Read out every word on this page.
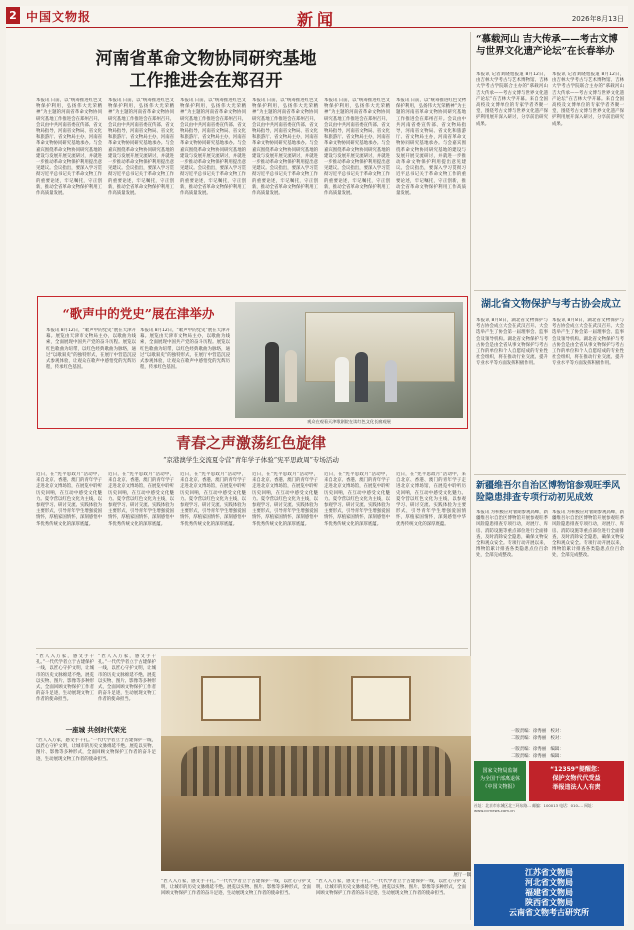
2 中国文物报	新闻	2026年8月13日
河南省革命文物协同研究基地
工作推进会在郑召开
本报讯 日前，以“统筹推进红色文物保护利用，弘扬伟大光荣精神”为主题的河南省革命文物协同研究基地工作推进会在郑州召开。会议由中共河南省委宣传部、省文物局指导，河南省文物局、省文化和旅游厅、省文物局主办，河南省革命文物协同研究基地承办。与会嘉宾围绕革命文物协同研究基地的建设与发展开展交流研讨，并就进一步推动革命文物保护利用提出意见建议。会议指出，要深入学习贯彻习近平总书记关于革命文物工作的重要论述，牢记嘱托，守正创新，推动全省革命文物保护利用工作高质量发展。
本报讯 日前，以“统筹推进红色文物保护利用，弘扬伟大光荣精神”为主题的河南省革命文物协同研究基地工作推进会在郑州召开。会议由中共河南省委宣传部、省文物局指导，河南省文物局、省文化和旅游厅、省文物局主办，河南省革命文物协同研究基地承办。与会嘉宾围绕革命文物协同研究基地的建设与发展开展交流研讨，并就进一步推动革命文物保护利用提出意见建议。会议指出，要深入学习贯彻习近平总书记关于革命文物工作的重要论述，牢记嘱托，守正创新，推动全省革命文物保护利用工作高质量发展。
本报讯 日前，以“统筹推进红色文物保护利用，弘扬伟大光荣精神”为主题的河南省革命文物协同研究基地工作推进会在郑州召开。会议由中共河南省委宣传部、省文物局指导，河南省文物局、省文化和旅游厅、省文物局主办，河南省革命文物协同研究基地承办。与会嘉宾围绕革命文物协同研究基地的建设与发展开展交流研讨，并就进一步推动革命文物保护利用提出意见建议。会议指出，要深入学习贯彻习近平总书记关于革命文物工作的重要论述，牢记嘱托，守正创新，推动全省革命文物保护利用工作高质量发展。
本报讯 日前，以“统筹推进红色文物保护利用，弘扬伟大光荣精神”为主题的河南省革命文物协同研究基地工作推进会在郑州召开。会议由中共河南省委宣传部、省文物局指导，河南省文物局、省文化和旅游厅、省文物局主办，河南省革命文物协同研究基地承办。与会嘉宾围绕革命文物协同研究基地的建设与发展开展交流研讨，并就进一步推动革命文物保护利用提出意见建议。会议指出，要深入学习贯彻习近平总书记关于革命文物工作的重要论述，牢记嘱托，守正创新，推动全省革命文物保护利用工作高质量发展。
本报讯 日前，以“统筹推进红色文物保护利用，弘扬伟大光荣精神”为主题的河南省革命文物协同研究基地工作推进会在郑州召开。会议由中共河南省委宣传部、省文物局指导，河南省文物局、省文化和旅游厅、省文物局主办，河南省革命文物协同研究基地承办。与会嘉宾围绕革命文物协同研究基地的建设与发展开展交流研讨，并就进一步推动革命文物保护利用提出意见建议。会议指出，要深入学习贯彻习近平总书记关于革命文物工作的重要论述，牢记嘱托，守正创新，推动全省革命文物保护利用工作高质量发展。
本报讯 日前，以“统筹推进红色文物保护利用，弘扬伟大光荣精神”为主题的河南省革命文物协同研究基地工作推进会在郑州召开。会议由中共河南省委宣传部、省文物局指导，河南省文物局、省文化和旅游厅、省文物局主办，河南省革命文物协同研究基地承办。与会嘉宾围绕革命文物协同研究基地的建设与发展开展交流研讨，并就进一步推动革命文物保护利用提出意见建议。会议指出，要深入学习贯彻习近平总书记关于革命文物工作的重要论述，牢记嘱托，守正创新，推动全省革命文物保护利用工作高质量发展。
“歌声中的党史”展在津举办
本报讯 8月12日，“歌声中的党史”展在天津开幕。展览由天津市文物局主办，以歌曲为线索，全面展现中国共产党的奋斗历程。展览以红色歌曲为纽带，以红色经典歌曲为脉络，通过“以歌叙史”的独特形式，在展厅中营造沉浸式参观体验，让观众在歌声中感悟党的光辉历程，传承红色基因。
本报讯 8月12日，“歌声中的党史”展在天津开幕。展览由天津市文物局主办，以歌曲为线索，全面展现中国共产党的奋斗历程。展览以红色歌曲为纽带，以红色经典歌曲为脉络，通过“以歌叙史”的独特形式，在展厅中营造沉浸式参观体验，让观众在歌声中感悟党的光辉历程，传承红色基因。
观众在观看天津歌剧院在读红色文化长廊观展
青春之声激荡红色旋律
“京港澳学生交流夏令营”青年学子体验“宪平思政周”专场活动
近日，在“宪平思政月”活动中，来自北京、香港、澳门的青年学子走进北京文博场馆，在展览中聆听历史回响，在互动中感受文化魅力。夏令营以红色文化为主线，以参观学习、研讨交流、实践体验为主要形式，引导青年学生增强爱国情怀，厚植家国情怀，深刻感悟中华优秀传统文化的深厚底蕴。
近日，在“宪平思政月”活动中，来自北京、香港、澳门的青年学子走进北京文博场馆，在展览中聆听历史回响，在互动中感受文化魅力。夏令营以红色文化为主线，以参观学习、研讨交流、实践体验为主要形式，引导青年学生增强爱国情怀，厚植家国情怀，深刻感悟中华优秀传统文化的深厚底蕴。
近日，在“宪平思政月”活动中，来自北京、香港、澳门的青年学子走进北京文博场馆，在展览中聆听历史回响，在互动中感受文化魅力。夏令营以红色文化为主线，以参观学习、研讨交流、实践体验为主要形式，引导青年学生增强爱国情怀，厚植家国情怀，深刻感悟中华优秀传统文化的深厚底蕴。
近日，在“宪平思政月”活动中，来自北京、香港、澳门的青年学子走进北京文博场馆，在展览中聆听历史回响，在互动中感受文化魅力。夏令营以红色文化为主线，以参观学习、研讨交流、实践体验为主要形式，引导青年学生增强爱国情怀，厚植家国情怀，深刻感悟中华优秀传统文化的深厚底蕴。
近日，在“宪平思政月”活动中，来自北京、香港、澳门的青年学子走进北京文博场馆，在展览中聆听历史回响，在互动中感受文化魅力。夏令营以红色文化为主线，以参观学习、研讨交流、实践体验为主要形式，引导青年学生增强爱国情怀，厚植家国情怀，深刻感悟中华优秀传统文化的深厚底蕴。
近日，在“宪平思政月”活动中，来自北京、香港、澳门的青年学子走进北京文博场馆，在展览中聆听历史回响，在互动中感受文化魅力。夏令营以红色文化为主线，以参观学习、研讨交流、实践体验为主要形式，引导青年学生增强爱国情怀，厚植家国情怀，深刻感悟中华优秀传统文化的深厚底蕴。
一座城 共创时代荣光
“匠人入万家，感文手千孔。”一代代学者立于古建保护一线，以匠心守护文明，让城市的历史文脉绵延不绝。展览以实物、图片、影像等多种形式，全面回顾文物保护工作者的奋斗足迹，生动展现文物工作者的使命担当。
“匠人入万家，感文手千孔。”一代代学者立于古建保护一线，以匠心守护文明，让城市的历史文脉绵延不绝。展览以实物、图片、影像等多种形式，全面回顾文物保护工作者的奋斗足迹，生动展现文物工作者的使命担当。
“匠人入万家，感文手千孔。”一代代学者立于古建保护一线，以匠心守护文明，让城市的历史文脉绵延不绝。展览以实物、图片、影像等多种形式，全面回顾文物保护工作者的奋斗足迹，生动展现文物工作者的使命担当。
展厅一隅
“匠人入万家，感文手千孔。”一代代学者立于古建保护一线，以匠心守护文明，让城市的历史文脉绵延不绝。展览以实物、图片、影像等多种形式，全面回顾文物保护工作者的奋斗足迹，生动展现文物工作者的使命担当。
“匠人入万家，感文手千孔。”一代代学者立于古建保护一线，以匠心守护文明，让城市的历史文脉绵延不绝。展览以实物、图片、影像等多种形式，全面回顾文物保护工作者的奋斗足迹，生动展现文物工作者的使命担当。
“慕载河山 吉大传承——考古文博与世界文化遗产论坛”在长春举办
本报讯 记者刘晓旭报道 8月12日，由吉林大学考古与艺术博物馆、吉林大学考古学院联合主办的“慕载河山 吉大传承——考古文博与世界文化遗产论坛”在吉林大学开幕。来自全国高校及文博单位的专家学者齐聚一堂，围绕考古文博与世界文化遗产保护利用展开深入研讨，分享前沿研究成果。
本报讯 记者刘晓旭报道 8月12日，由吉林大学考古与艺术博物馆、吉林大学考古学院联合主办的“慕载河山 吉大传承——考古文博与世界文化遗产论坛”在吉林大学开幕。来自全国高校及文博单位的专家学者齐聚一堂，围绕考古文博与世界文化遗产保护利用展开深入研讨，分享前沿研究成果。
湖北省文物保护与考古协会成立
本报讯 8月8日，湖北省文物保护与考古协会成立大会在武汉召开。大会选举产生了协会第一届理事会、监事会及领导机构。湖北省文物保护与考古协会是由全省从事文物保护与考古工作的单位和个人自愿结成的专业性社会组织，将在推动行业交流、提升专业水平等方面发挥积极作用。
本报讯 8月8日，湖北省文物保护与考古协会成立大会在武汉召开。大会选举产生了协会第一届理事会、监事会及领导机构。湖北省文物保护与考古协会是由全省从事文物保护与考古工作的单位和个人自愿结成的专业性社会组织，将在推动行业交流、提升专业水平等方面发挥积极作用。
新疆维吾尔自治区博物馆参观旺季风险隐患排查专项行动初见成效
本报讯 为积极应对暑期参观高峰，新疆维吾尔自治区博物馆开展参观旺季风险隐患排查专项行动，对展厅、库房、消防设施等重点部位进行全面排查，及时消除安全隐患，确保文物安全和观众安全。专项行动开展以来，博物馆累计排查各类隐患点位百余处，全部完成整改。
本报讯 为积极应对暑期参观高峰，新疆维吾尔自治区博物馆开展参观旺季风险隐患排查专项行动，对展厅、库房、消防设施等重点部位进行全面排查，及时消除安全隐患，确保文物安全和观众安全。专项行动开展以来，博物馆累计排查各类隐患点位百余处，全部完成整改。
一版责编：徐秀丽　校对：
二版责编：徐秀丽　校对：
一版责编：徐秀丽　编辑：
二版责编：徐秀丽　编辑：
国家文物局监制
为全国干部离退休
《中国文物报》
“12359”提醒您：
保护文物代代受益
举报违法人人有责
社址：北京市东城区北三环东路… 邮编：100013 电话：010-… 网址：www.ccrnews.com.cn
江苏省文物局
河北省文物局
福建省文物局
陕西省文物局
云南省文物考古研究所
